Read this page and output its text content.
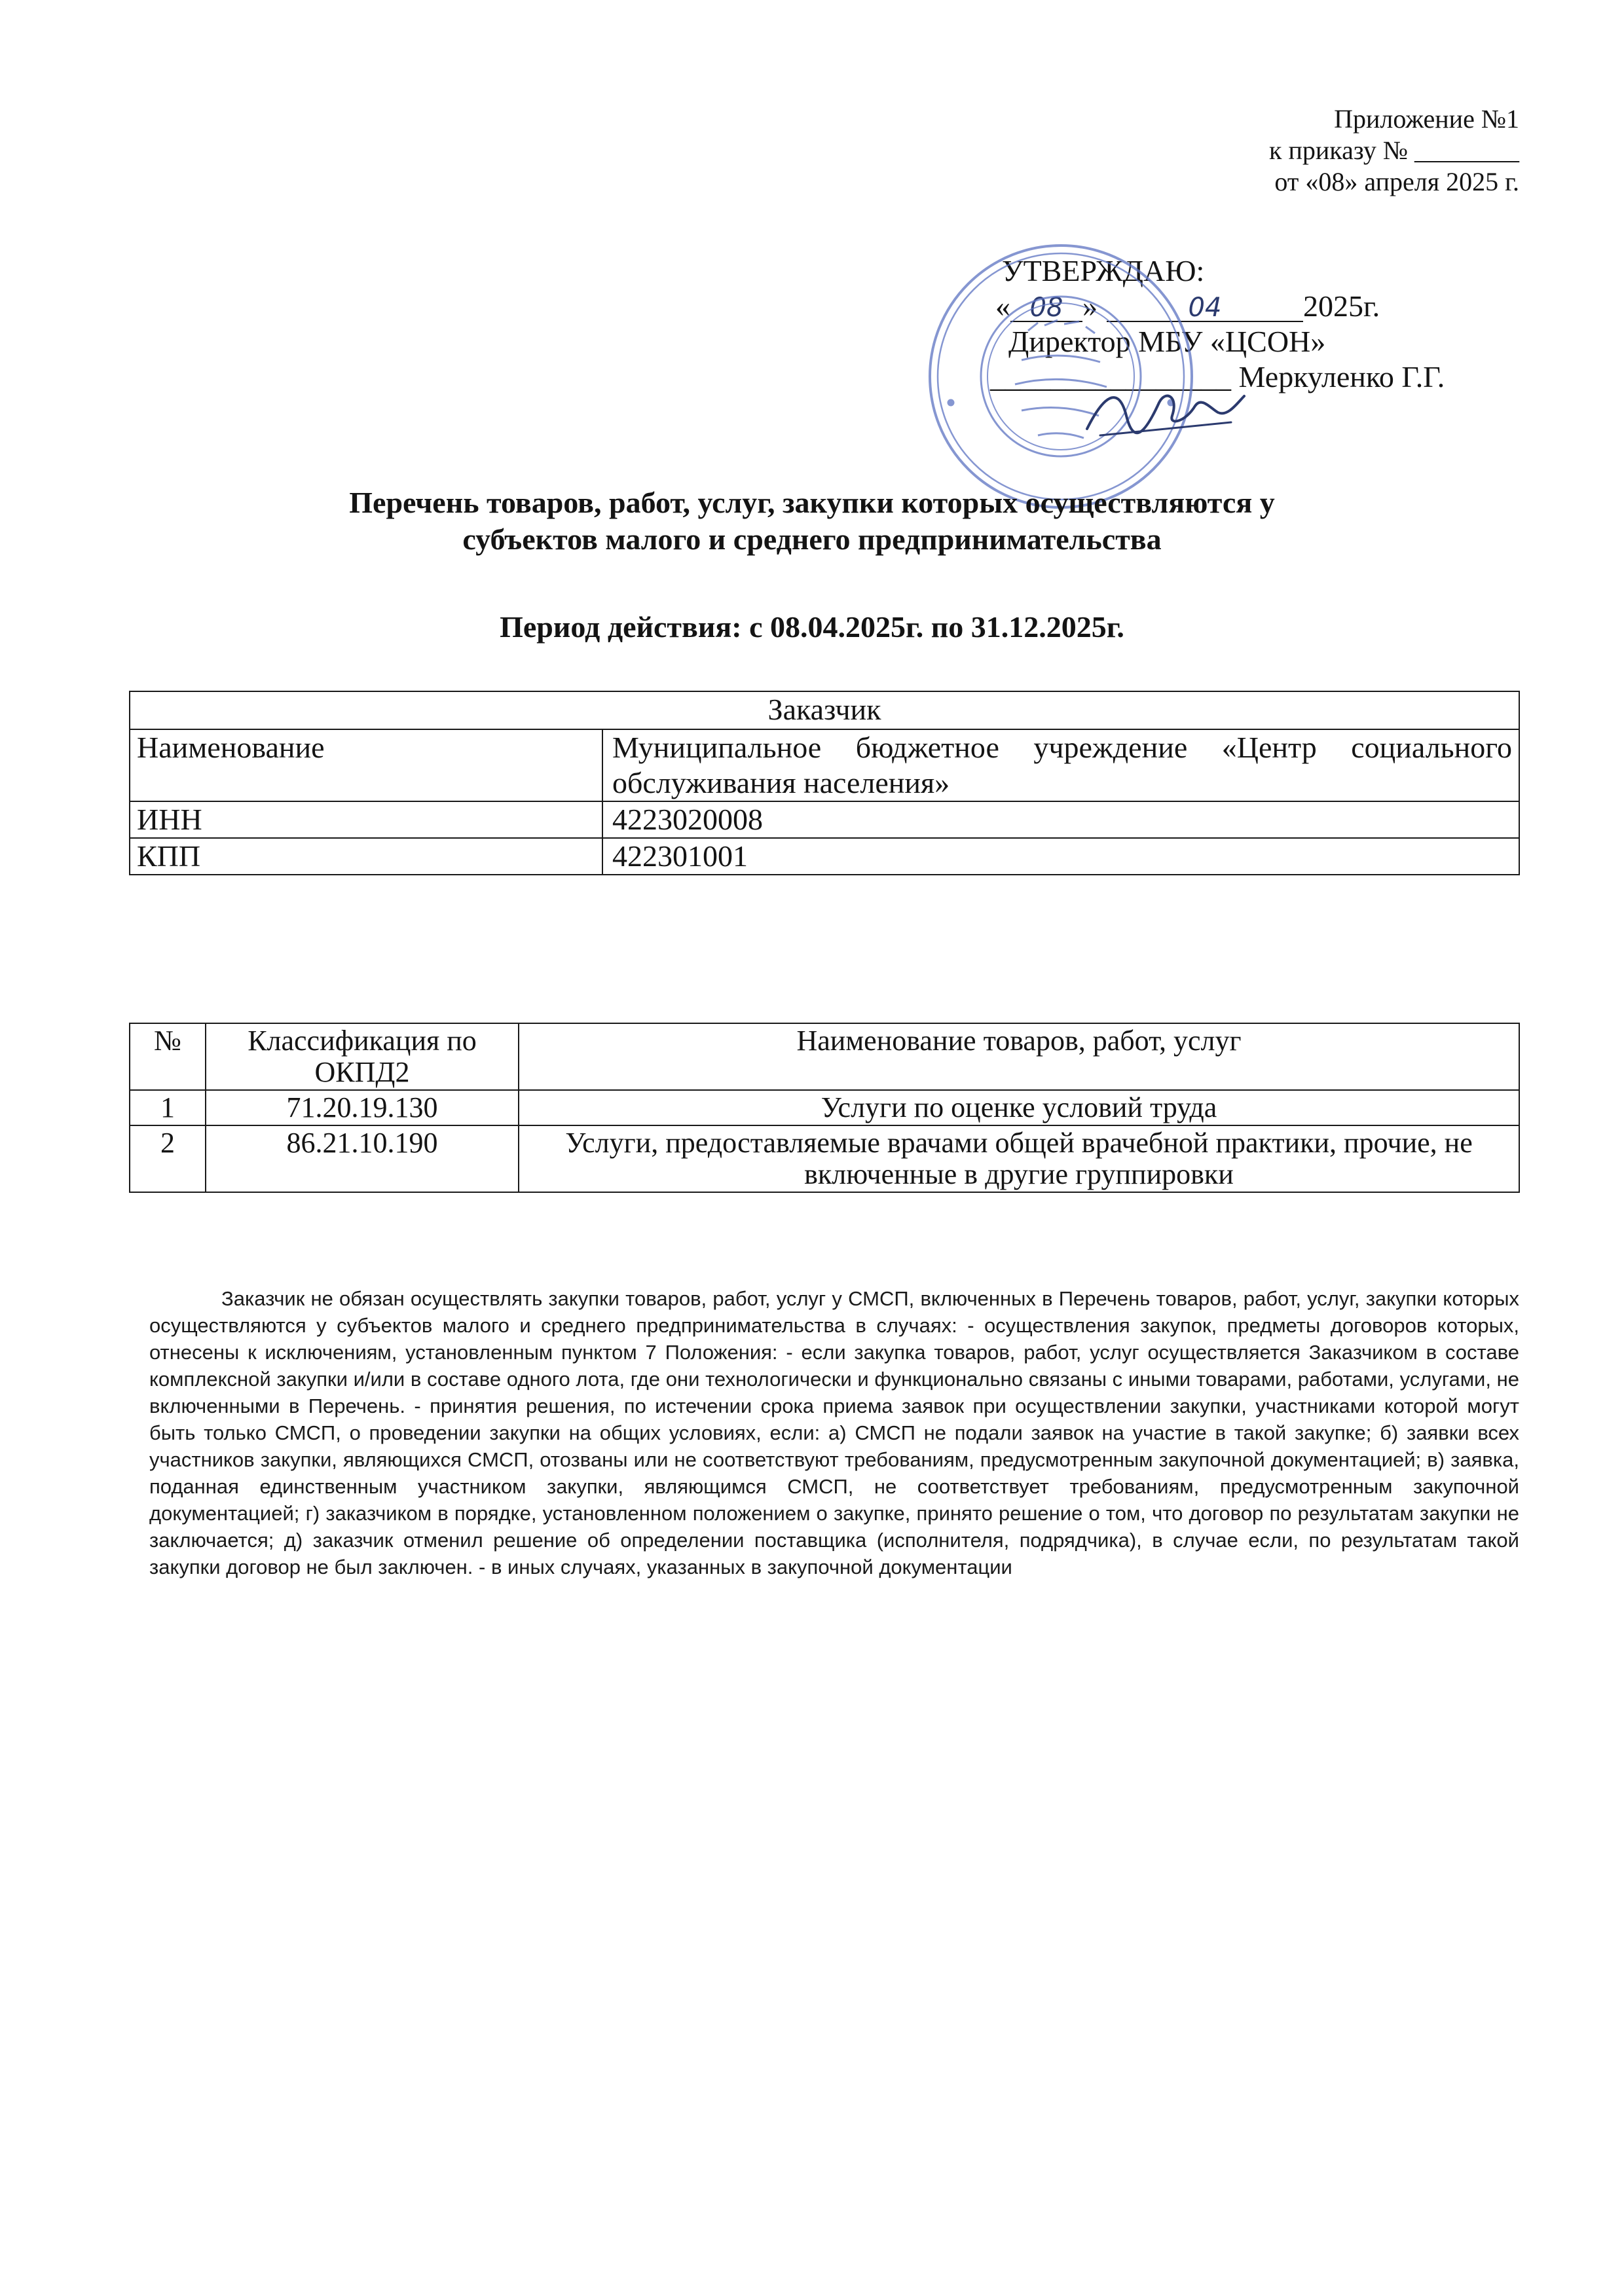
Приложение №1
к приказу № ________
от «08» апреля 2025 г.
УТВЕРЖДАЮ:
« 08 »	04	2025г.
Директор МБУ «ЦСОН»
________________ Меркуленко Г.Г.
Перечень товаров, работ, услуг, закупки которых осуществляются у
субъектов малого и среднего предпринимательства
Период действия: с 08.04.2025г. по 31.12.2025г.
Заказчик	
Наименование	Муниципальное бюджетное учреждение «Центр социального обслуживания населения»
ИНН	4223020008
КПП	422301001
№	Классификация по ОКПД2	Наименование товаров, работ, услуг
1	71.20.19.130	Услуги по оценке условий труда
2	86.21.10.190	Услуги, предоставляемые врачами общей врачебной практики, прочие, не включенные в другие группировки
Заказчик не обязан осуществлять закупки товаров, работ, услуг у СМСП, включенных в Перечень товаров, работ, услуг, закупки которых осуществляются у субъектов малого и среднего предпринимательства в случаях: - осуществления закупок, предметы договоров которых, отнесены к исключениям, установленным пунктом 7 Положения: - если закупка товаров, работ, услуг осуществляется Заказчиком в составе комплексной закупки и/или в составе одного лота, где они технологически и функционально связаны с иными товарами, работами, услугами, не включенными в Перечень. - принятия решения, по истечении срока приема заявок при осуществлении закупки, участниками которой могут быть только СМСП, о проведении закупки на общих условиях, если: а) СМСП не подали заявок на участие в такой закупке; б) заявки всех участников закупки, являющихся СМСП, отозваны или не соответствуют требованиям, предусмотренным закупочной документацией; в) заявка, поданная единственным участником закупки, являющимся СМСП, не соответствует требованиям, предусмотренным закупочной документацией; г) заказчиком в порядке, установленном положением о закупке, принято решение о том, что договор по результатам закупки не заключается; д) заказчик отменил решение об определении поставщика (исполнителя, подрядчика), в случае если, по результатам такой закупки договор не был заключен. - в иных случаях, указанных в закупочной документации
